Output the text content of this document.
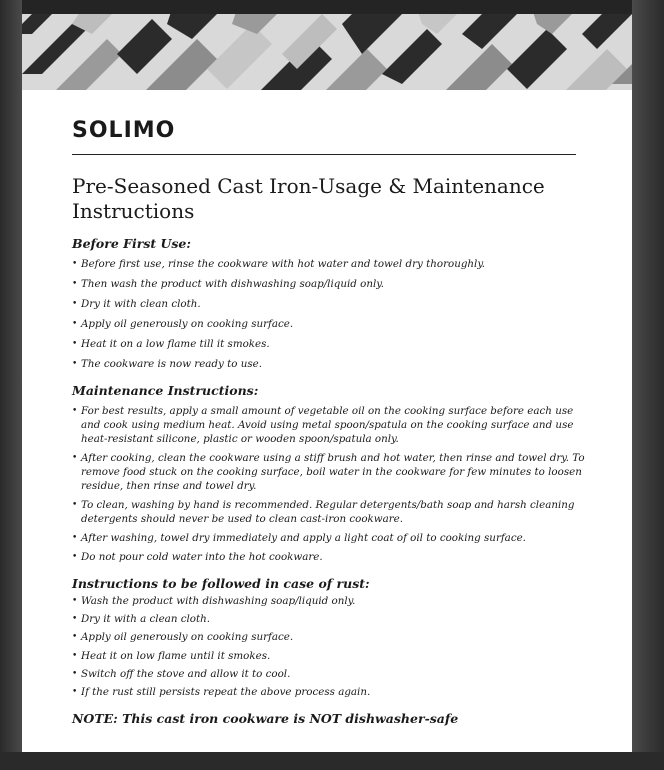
SOLIMO
Pre-Seasoned Cast Iron-Usage & Maintenance Instructions
Before First Use:
• Before first use, rinse the cookware with hot water and towel dry thoroughly.
• Then wash the product with dishwashing soap/liquid only.
• Dry it with clean cloth.
• Apply oil generously on cooking surface.
• Heat it on a low flame till it smokes.
• The cookware is now ready to use.
Maintenance Instructions:
• For best results, apply a small amount of vegetable oil on the cooking surface before each use and cook using medium heat. Avoid using metal spoon/spatula on the cooking surface and use heat-resistant silicone, plastic or wooden spoon/spatula only.
• After cooking, clean the cookware using a stiff brush and hot water, then rinse and towel dry. To remove food stuck on the cooking surface, boil water in the cookware for few minutes to loosen residue, then rinse and towel dry.
• To clean, washing by hand is recommended. Regular detergents/bath soap and harsh cleaning detergents should never be used to clean cast-iron cookware.
• After washing, towel dry immediately and apply a light coat of oil to cooking surface.
• Do not pour cold water into the hot cookware.
Instructions to be followed in case of rust:
• Wash the product with dishwashing soap/liquid only.
• Dry it with a clean cloth.
• Apply oil generously on cooking surface.
• Heat it on low flame until it smokes.
• Switch off the stove and allow it to cool.
• If the rust still persists repeat the above process again.
NOTE: This cast iron cookware is NOT dishwasher-safe
